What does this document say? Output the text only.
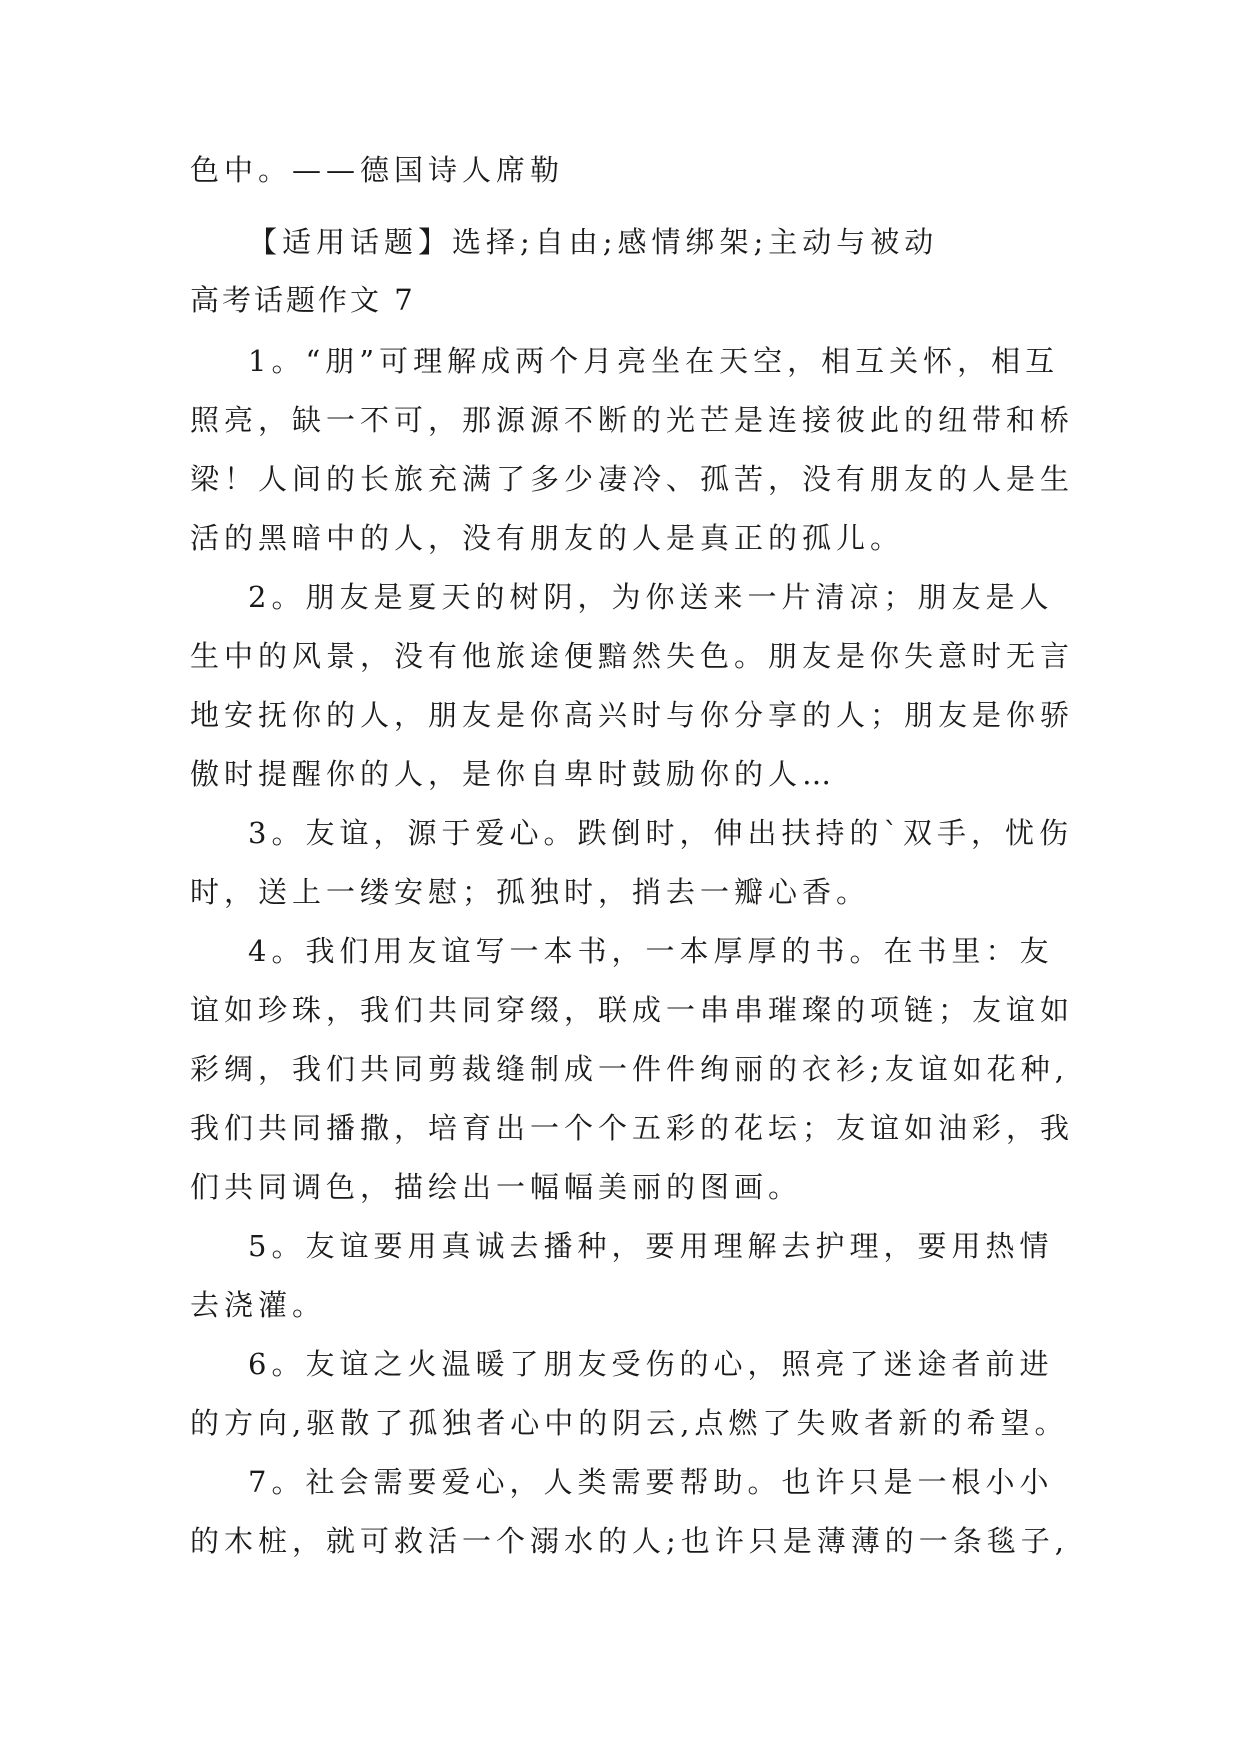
色中。——德国诗人席勒
【适用话题】选择;自由;感情绑架;主动与被动
高考话题作文 7
1。“朋”可理解成两个月亮坐在天空，相互关怀，相互
照亮，缺一不可，那源源不断的光芒是连接彼此的纽带和桥
梁！人间的长旅充满了多少凄冷、孤苦，没有朋友的人是生
活的黑暗中的人，没有朋友的人是真正的孤儿。
2。朋友是夏天的树阴，为你送来一片清凉；朋友是人
生中的风景，没有他旅途便黯然失色。朋友是你失意时无言
地安抚你的人，朋友是你高兴时与你分享的人；朋友是你骄
傲时提醒你的人，是你自卑时鼓励你的人…
3。友谊，源于爱心。跌倒时，伸出扶持的`双手，忧伤
时，送上一缕安慰；孤独时，捎去一瓣心香。
4。我们用友谊写一本书，一本厚厚的书。在书里：友
谊如珍珠，我们共同穿缀，联成一串串璀璨的项链；友谊如
彩绸，我们共同剪裁缝制成一件件绚丽的衣衫;友谊如花种,
我们共同播撒，培育出一个个五彩的花坛；友谊如油彩，我
们共同调色，描绘出一幅幅美丽的图画。
5。友谊要用真诚去播种，要用理解去护理，要用热情
去浇灌。
6。友谊之火温暖了朋友受伤的心，照亮了迷途者前进
的方向,驱散了孤独者心中的阴云,点燃了失败者新的希望。
7。社会需要爱心，人类需要帮助。也许只是一根小小
的木桩，就可救活一个溺水的人;也许只是薄薄的一条毯子,
